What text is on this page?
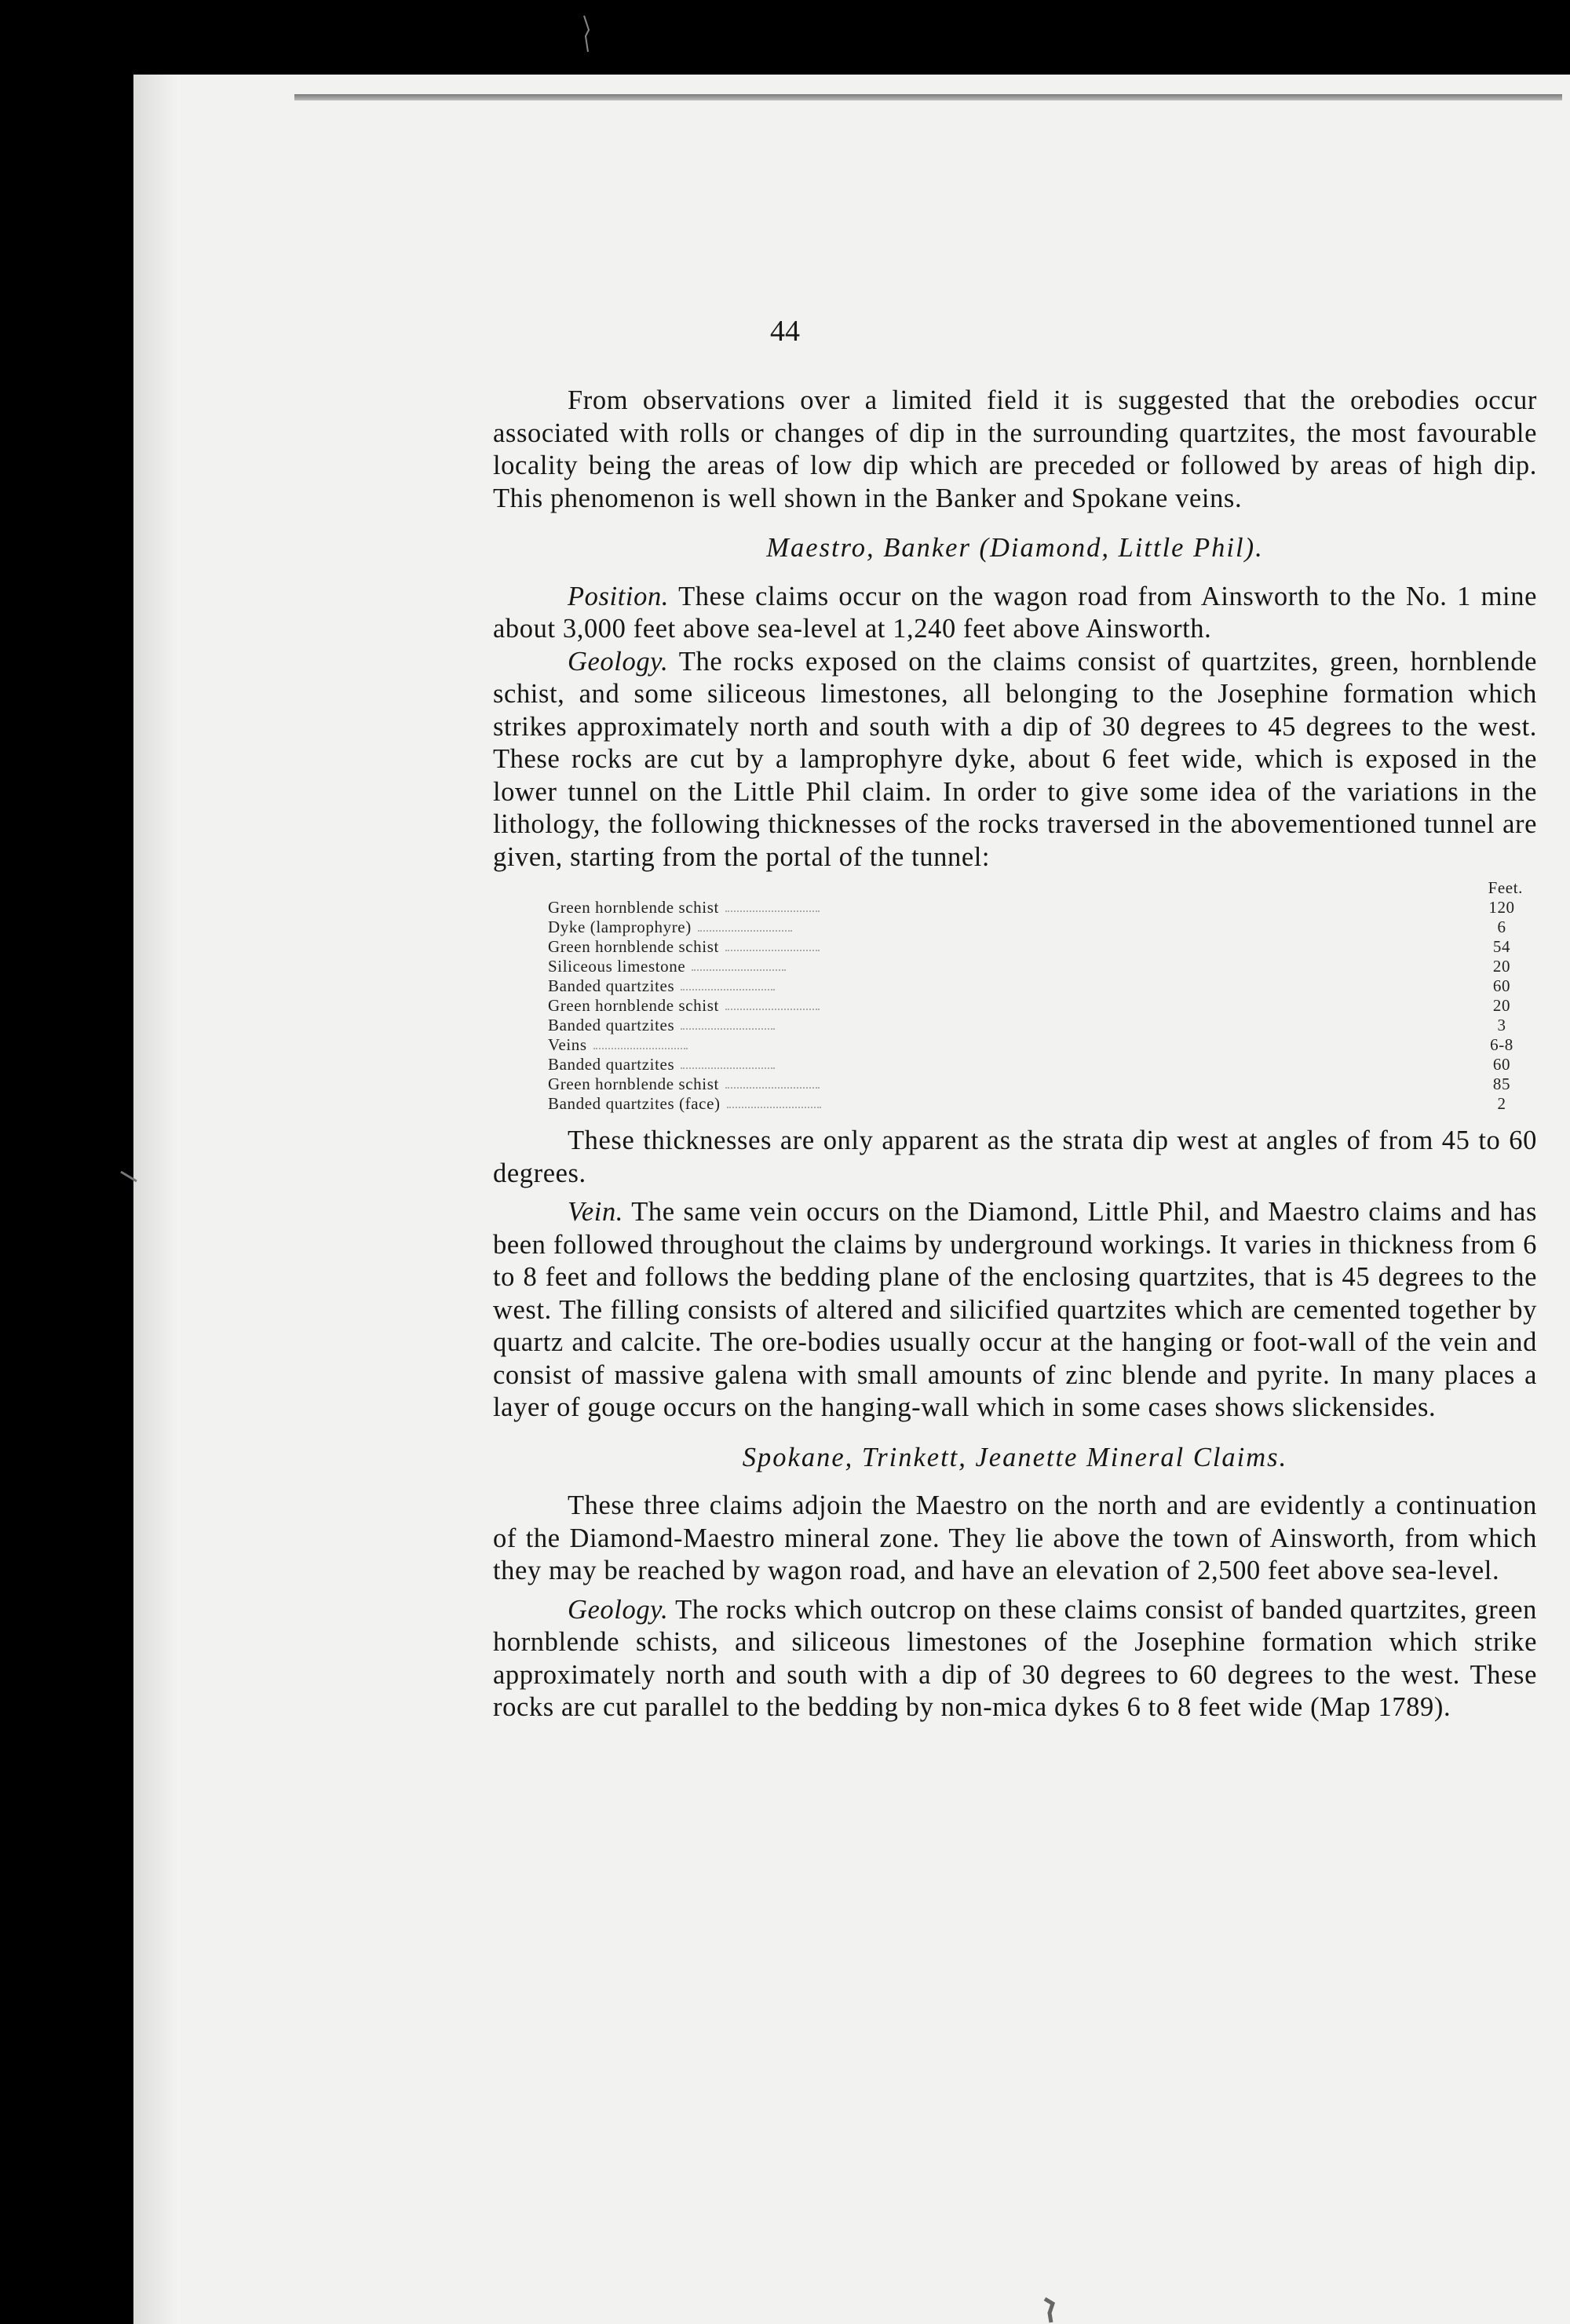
44

From observations over a limited field it is suggested that the orebodies occur associated with rolls or changes of dip in the surrounding quartzites, the most favourable locality being the areas of low dip which are preceded or followed by areas of high dip. This phenomenon is well shown in the Banker and Spokane veins.

Maestro, Banker (Diamond, Little Phil).

Position. These claims occur on the wagon road from Ainsworth to the No. 1 mine about 3,000 feet above sea-level at 1,240 feet above Ainsworth.

Geology. The rocks exposed on the claims consist of quartzites, green, hornblende schist, and some siliceous limestones, all belonging to the Josephine formation which strikes approximately north and south with a dip of 30 degrees to 45 degrees to the west. These rocks are cut by a lamprophyre dyke, about 6 feet wide, which is exposed in the lower tunnel on the Little Phil claim. In order to give some idea of the variations in the lithology, the following thicknesses of the rocks traversed in the abovementioned tunnel are given, starting from the portal of the tunnel:

Feet.
Green hornblende schist	120
Dyke (lamprophyre)	6
Green hornblende schist	54
Siliceous limestone	20
Banded quartzites	60
Green hornblende schist	20
Banded quartzites	3
Veins	6-8
Banded quartzites	60
Green hornblende schist	85
Banded quartzites (face)	2

These thicknesses are only apparent as the strata dip west at angles of from 45 to 60 degrees.

Vein. The same vein occurs on the Diamond, Little Phil, and Maestro claims and has been followed throughout the claims by underground workings. It varies in thickness from 6 to 8 feet and follows the bedding plane of the enclosing quartzites, that is 45 degrees to the west. The filling consists of altered and silicified quartzites which are cemented together by quartz and calcite. The ore-bodies usually occur at the hanging or foot-wall of the vein and consist of massive galena with small amounts of zinc blende and pyrite. In many places a layer of gouge occurs on the hanging-wall which in some cases shows slickensides.

Spokane, Trinkett, Jeanette Mineral Claims.

These three claims adjoin the Maestro on the north and are evidently a continuation of the Diamond-Maestro mineral zone. They lie above the town of Ainsworth, from which they may be reached by wagon road, and have an elevation of 2,500 feet above sea-level.

Geology. The rocks which outcrop on these claims consist of banded quartzites, green hornblende schists, and siliceous limestones of the Josephine formation which strike approximately north and south with a dip of 30 degrees to 60 degrees to the west. These rocks are cut parallel to the bedding by non-mica dykes 6 to 8 feet wide (Map 1789).
